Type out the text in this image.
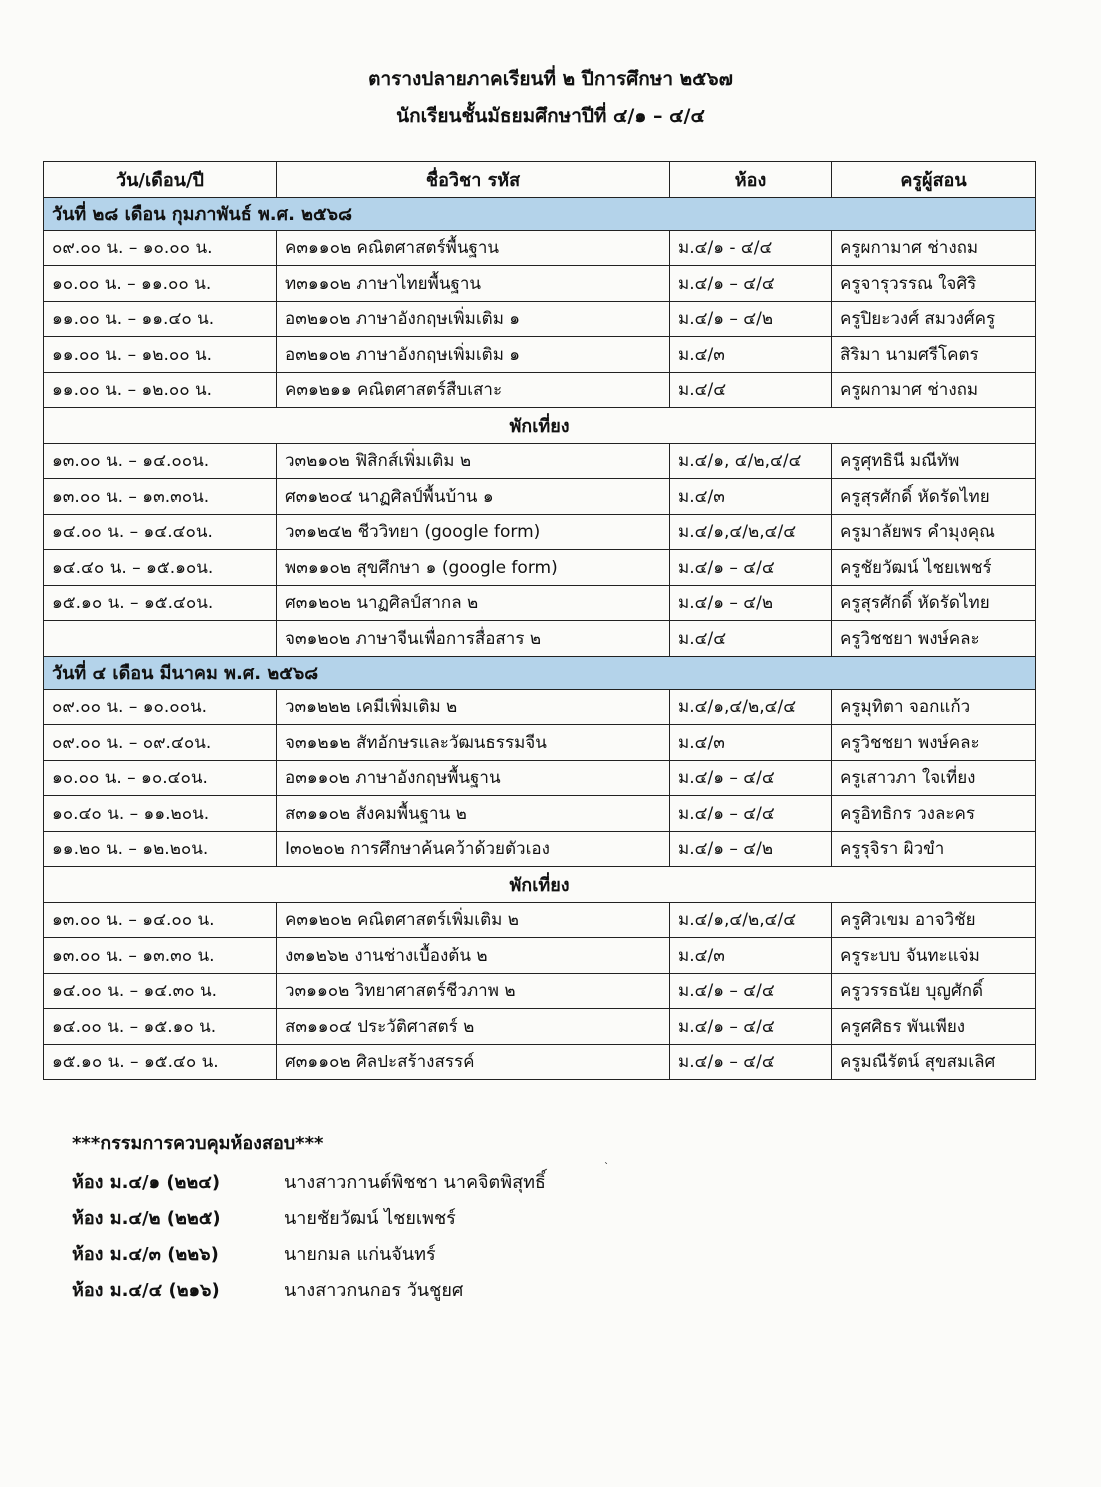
ตารางปลายภาคเรียนที่ ๒ ปีการศึกษา ๒๕๖๗
นักเรียนชั้นมัธยมศึกษาปีที่ ๔/๑ – ๔/๔
วัน/เดือน/ปี	ชื่อวิชา รหัส	ห้อง	ครูผู้สอน
วันที่ ๒๘ เดือน กุมภาพันธ์ พ.ศ. ๒๕๖๘			
๐๙.๐๐ น. – ๑๐.๐๐ น.	ค๓๑๑๐๒ คณิตศาสตร์พื้นฐาน	ม.๔/๑ - ๔/๔	ครูผกามาศ ช่างถม
๑๐.๐๐ น. – ๑๑.๐๐ น.	ท๓๑๑๐๒ ภาษาไทยพื้นฐาน	ม.๔/๑ – ๔/๔	ครูจารุวรรณ ใจศิริ
๑๑.๐๐ น. – ๑๑.๔๐ น.	อ๓๒๑๐๒ ภาษาอังกฤษเพิ่มเติม ๑	ม.๔/๑ – ๔/๒	ครูปิยะวงศ์ สมวงศ์ครู
๑๑.๐๐ น. – ๑๒.๐๐ น.	อ๓๒๑๐๒ ภาษาอังกฤษเพิ่มเติม ๑	ม.๔/๓	สิริมา นามศรีโคตร
๑๑.๐๐ น. – ๑๒.๐๐ น.	ค๓๑๒๑๑ คณิตศาสตร์สืบเสาะ	ม.๔/๔	ครูผกามาศ ช่างถม
พักเที่ยง			
๑๓.๐๐ น. – ๑๔.๐๐น.	ว๓๒๑๐๒ ฟิสิกส์เพิ่มเติม ๒	ม.๔/๑, ๔/๒,๔/๔	ครูศุทธินี มณีทัพ
๑๓.๐๐ น. – ๑๓.๓๐น.	ศ๓๑๒๐๔ นาฏศิลป์พื้นบ้าน ๑	ม.๔/๓	ครูสุรศักดิ์ หัดรัดไทย
๑๔.๐๐ น. – ๑๔.๔๐น.	ว๓๑๒๔๒ ชีววิทยา (google form)	ม.๔/๑,๔/๒,๔/๔	ครูมาลัยพร คำมุงคุณ
๑๔.๔๐ น. – ๑๕.๑๐น.	พ๓๑๑๐๒ สุขศึกษา ๑ (google form)	ม.๔/๑ – ๔/๔	ครูชัยวัฒน์ ไชยเพชร์
๑๕.๑๐ น. – ๑๕.๔๐น.	ศ๓๑๒๐๒ นาฏศิลป์สากล ๒	ม.๔/๑ – ๔/๒	ครูสุรศักดิ์ หัดรัดไทย
	จ๓๑๒๐๒ ภาษาจีนเพื่อการสื่อสาร ๒	ม.๔/๔	ครูวิชชยา พงษ์คละ
วันที่ ๔ เดือน มีนาคม พ.ศ. ๒๕๖๘			
๐๙.๐๐ น. – ๑๐.๐๐น.	ว๓๑๒๒๒ เคมีเพิ่มเติม ๒	ม.๔/๑,๔/๒,๔/๔	ครูมุทิตา จอกแก้ว
๐๙.๐๐ น. – ๐๙.๔๐น.	จ๓๑๒๑๒ สัทอักษรและวัฒนธรรมจีน	ม.๔/๓	ครูวิชชยา พงษ์คละ
๑๐.๐๐ น. – ๑๐.๔๐น.	อ๓๑๑๐๒ ภาษาอังกฤษพื้นฐาน	ม.๔/๑ – ๔/๔	ครูเสาวภา ใจเที่ยง
๑๐.๔๐ น. – ๑๑.๒๐น.	ส๓๑๑๐๒ สังคมพื้นฐาน ๒	ม.๔/๑ – ๔/๔	ครูอิทธิกร วงละคร
๑๑.๒๐ น. – ๑๒.๒๐น.	I๓๐๒๐๒ การศึกษาค้นคว้าด้วยตัวเอง	ม.๔/๑ – ๔/๒	ครูรุจิรา ผิวขำ
พักเที่ยง			
๑๓.๐๐ น. – ๑๔.๐๐ น.	ค๓๑๒๐๒ คณิตศาสตร์เพิ่มเติม ๒	ม.๔/๑,๔/๒,๔/๔	ครูศิวเขม อาจวิชัย
๑๓.๐๐ น. – ๑๓.๓๐ น.	ง๓๑๒๖๒ งานช่างเบื้องต้น ๒	ม.๔/๓	ครูระบบ จันทะแจ่ม
๑๔.๐๐ น. – ๑๔.๓๐ น.	ว๓๑๑๐๒ วิทยาศาสตร์ชีวภาพ ๒	ม.๔/๑ – ๔/๔	ครูวรรธนัย บุญศักดิ์
๑๔.๐๐ น. – ๑๕.๑๐ น.	ส๓๑๑๐๔ ประวัติศาสตร์ ๒	ม.๔/๑ – ๔/๔	ครูศศิธร พันเพียง
๑๕.๑๐ น. – ๑๕.๔๐ น.	ศ๓๑๑๐๒ ศิลปะสร้างสรรค์	ม.๔/๑ – ๔/๔	ครูมณีรัตน์ สุขสมเลิศ
***กรรมการควบคุมห้องสอบ***
ห้อง ม.๔/๑ (๒๒๔)	นางสาวกานต์พิชชา นาคจิตพิสุทธิ์
ห้อง ม.๔/๒ (๒๒๕)	นายชัยวัฒน์ ไชยเพชร์
ห้อง ม.๔/๓ (๒๒๖)	นายกมล แก่นจันทร์
ห้อง ม.๔/๔ (๒๑๖)	นางสาวกนกอร วันชูยศ
`
